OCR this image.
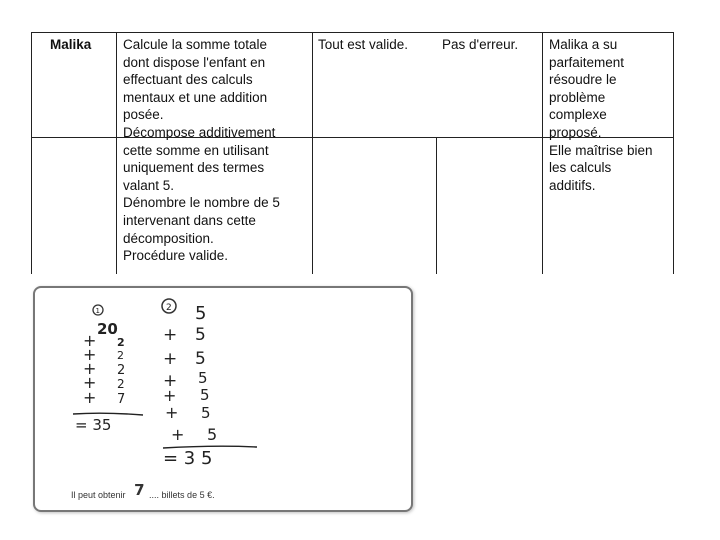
Malika Calcule la somme totale
dont dispose l'enfant en
effectuant des calculs
mentaux et une addition
posée.
Décompose additivement
cette somme en utilisant
uniquement des termes
valant 5.
Dénombre le nombre de 5
intervenant dans cette
décomposition.
Procédure valide.
Tout est valide.	Pas d'erreur. Malika a su
parfaitement
résoudre le
problème
complexe
proposé.
Elle maîtrise bien
les calculs
additifs.
1
20
2
2
2
2
7
+
+
+
+
+
= 35
2 5
5
5
5
5
5
5
+
+
+
+
+
+
= 3 5
Il peut obtenir 7 .... billets de 5 €.
